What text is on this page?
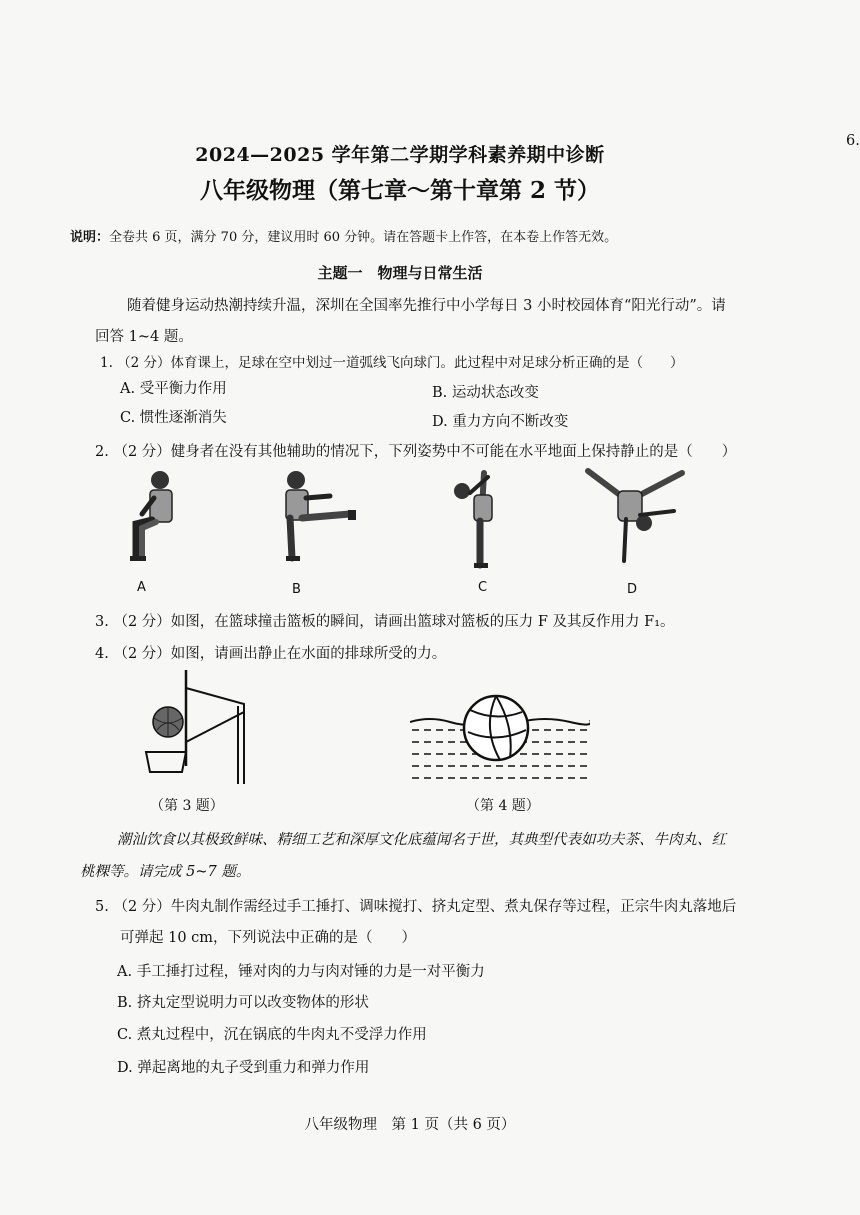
6.
2024—2025 学年第二学期学科素养期中诊断
八年级物理（第七章～第十章第 2 节）
说明：全卷共 6 页，满分 70 分，建议用时 60 分钟。请在答题卡上作答，在本卷上作答无效。
主题一　物理与日常生活
随着健身运动热潮持续升温，深圳在全国率先推行中小学每日 3 小时校园体育“阳光行动”。请
回答 1~4 题。
1. （2 分）体育课上，足球在空中划过一道弧线飞向球门。此过程中对足球分析正确的是（　　）
A. 受平衡力作用	B. 运动状态改变
C. 惯性逐渐消失	D. 重力方向不断改变
2. （2 分）健身者在没有其他辅助的情况下，下列姿势中不可能在水平地面上保持静止的是（　　）
A	B	C	D
3. （2 分）如图，在篮球撞击篮板的瞬间，请画出篮球对篮板的压力 F 及其反作用力 F₁。
4. （2 分）如图，请画出静止在水面的排球所受的力。
（第 3 题）	（第 4 题）
潮汕饮食以其极致鲜味、精细工艺和深厚文化底蕴闻名于世，其典型代表如功夫茶、牛肉丸、红
桃粿等。请完成 5~7 题。
5. （2 分）牛肉丸制作需经过手工捶打、调味搅打、挤丸定型、煮丸保存等过程，正宗牛肉丸落地后
可弹起 10 cm，下列说法中正确的是（　　）
A. 手工捶打过程，锤对肉的力与肉对锤的力是一对平衡力
B. 挤丸定型说明力可以改变物体的形状
C. 煮丸过程中，沉在锅底的牛肉丸不受浮力作用
D. 弹起离地的丸子受到重力和弹力作用
八年级物理　第 1 页（共 6 页）
